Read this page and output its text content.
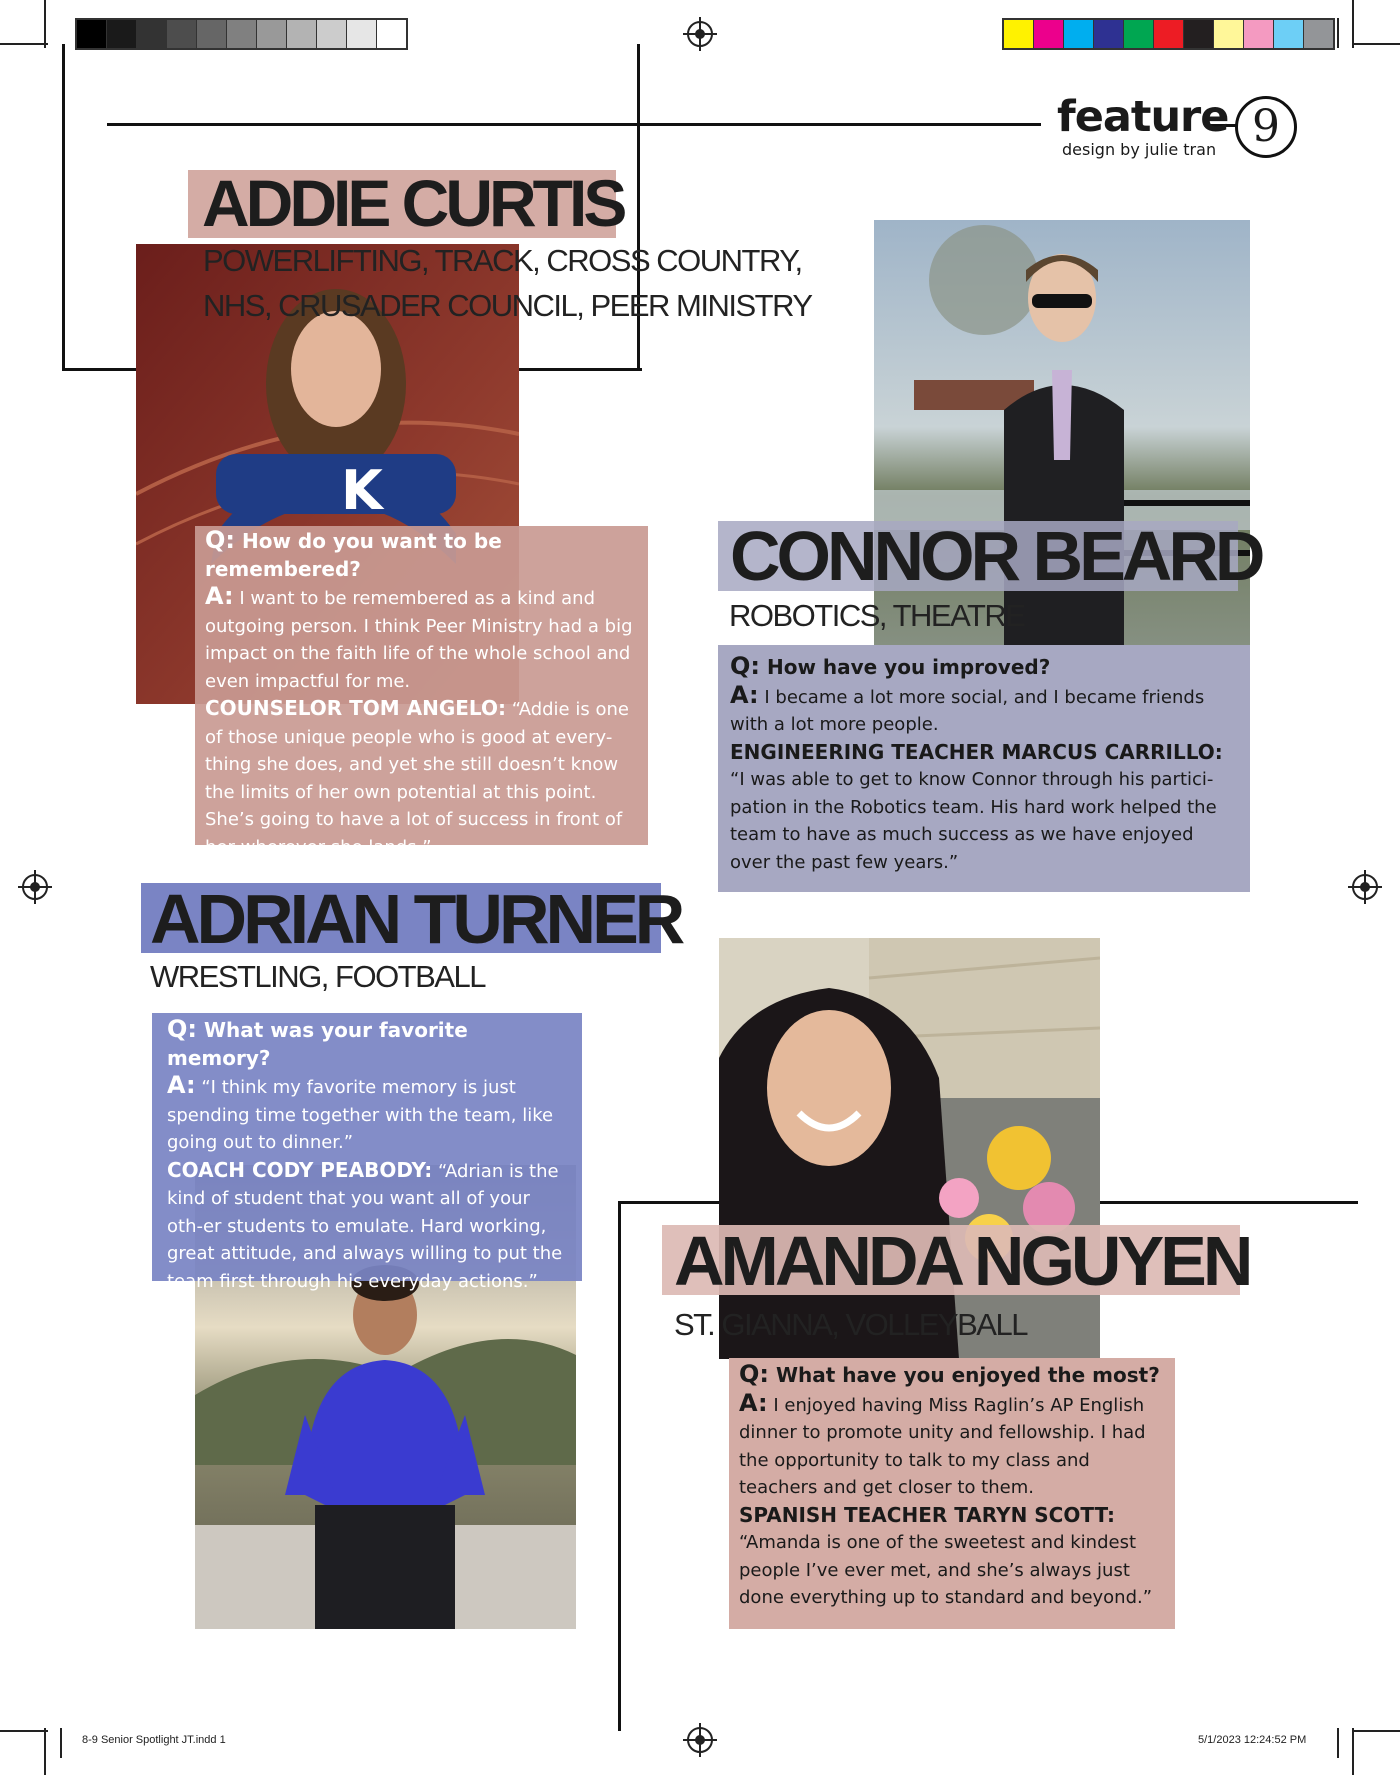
feature
design by julie tran 9
K
ADDIE CURTIS
POWERLIFTING, TRACK, CROSS COUNTRY,
NHS, CRUSADER COUNCIL, PEER MINISTRY

Q: How do you want to be remembered?

A: I want to be remembered as a kind and outgoing person. I think Peer Ministry had a big impact on the faith life of the whole school and even impactful for me.

COUNSELOR TOM ANGELO: “Addie is one of those unique people who is good at every-thing she does, and yet she still doesn’t know the limits of her own potential at this point. She’s going to have a lot of success in front of her wherever she lands.”

CONNOR BEARD
ROBOTICS, THEATRE

Q: How have you improved?

A: I became a lot more social, and I became friends with a lot more people.

ENGINEERING TEACHER MARCUS CARRILLO:

“I was able to get to know Connor through his partici-pation in the Robotics team. His hard work helped the team to have as much success as we have enjoyed over the past few years.”

ADRIAN TURNER
WRESTLING, FOOTBALL

Q: What was your favorite memory?

A: “I think my favorite memory is just spending time together with the team, like going out to dinner.”

COACH CODY PEABODY: “Adrian is the kind of student that you want all of your oth-er students to emulate. Hard working, great attitude, and always willing to put the team first through his everyday actions.”	AMANDA NGUYEN
ST. GIANNA, VOLLEYBALL

Q: What have you enjoyed the most?

A: I enjoyed having Miss Raglin’s AP English dinner to promote unity and fellowship. I had the opportunity to talk to my class and teachers and get closer to them.

SPANISH TEACHER TARYN SCOTT:

“Amanda is one of the sweetest and kindest people I’ve ever met, and she’s always just done everything up to standard and beyond.”

8-9 Senior Spotlight JT.indd 1	5/1/2023 12:24:52 PM
